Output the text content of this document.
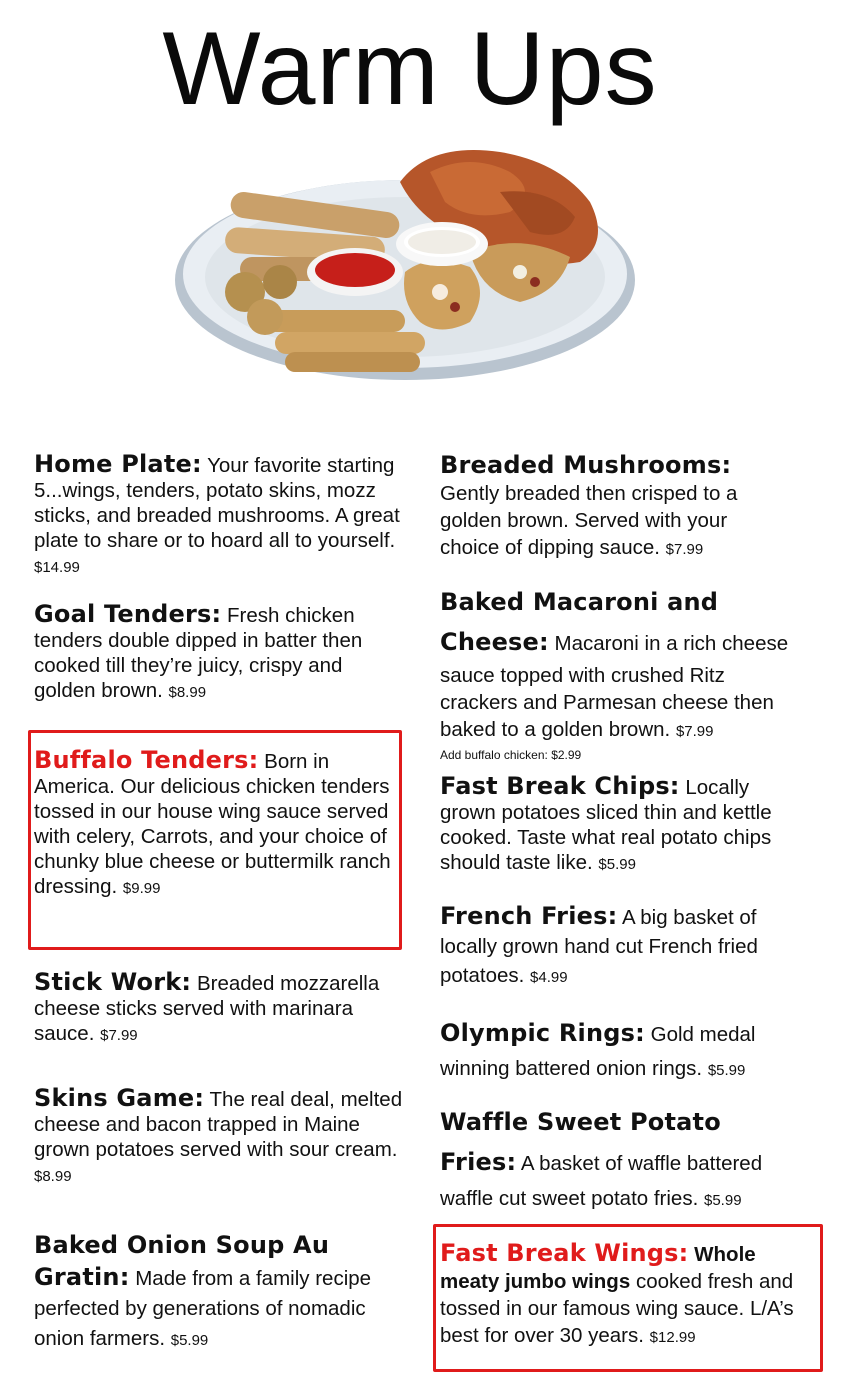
Warm Ups
Home Plate: Your favorite starting 5...wings, tenders, potato skins, mozz sticks, and breaded mushrooms. A great plate to share or to hoard all to yourself. $14.99
Goal Tenders: Fresh chicken tenders double dipped in batter then cooked till they’re juicy, crispy and golden brown. $8.99
Buffalo Tenders: Born in America. Our delicious chicken tenders tossed in our house wing sauce served with celery, Carrots, and your choice of chunky blue cheese or buttermilk ranch dressing. $9.99
Stick Work: Breaded mozzarella cheese sticks served with marinara sauce. $7.99
Skins Game: The real deal, melted cheese and bacon trapped in Maine grown potatoes served with sour cream. $8.99
Baked Onion Soup Au Gratin: Made from a family recipe perfected by generations of nomadic onion farmers. $5.99
Breaded Mushrooms: Gently breaded then crisped to a golden brown. Served with your choice of dipping sauce. $7.99
Baked Macaroni and Cheese: Macaroni in a rich cheese sauce topped with crushed Ritz crackers and Parmesan cheese then baked to a golden brown. $7.99
Add buffalo chicken: $2.99
Fast Break Chips: Locally grown potatoes sliced thin and kettle cooked. Taste what real potato chips should taste like. $5.99
French Fries: A big basket of locally grown hand cut French fried potatoes. $4.99
Olympic Rings: Gold medal winning battered onion rings. $5.99
Waffle Sweet Potato Fries: A basket of waffle battered waffle cut sweet potato fries. $5.99
Fast Break Wings: Whole meaty jumbo wings cooked fresh and tossed in our famous wing sauce. L/A’s best for over 30 years. $12.99
